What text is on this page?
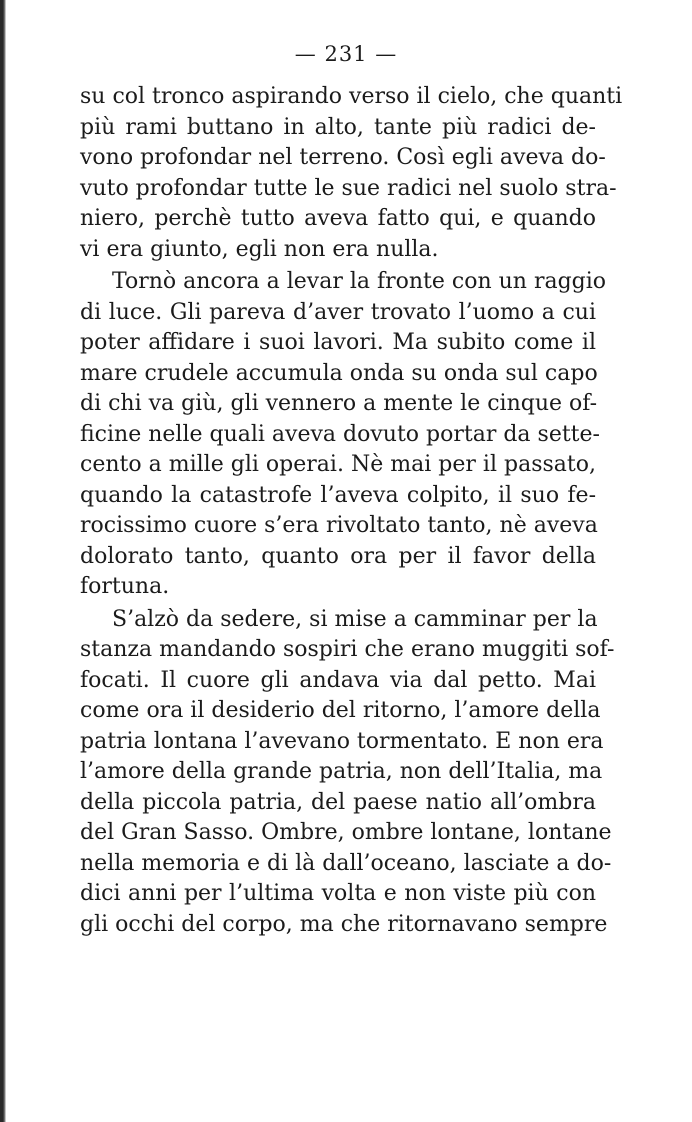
— 231 —
su col tronco aspirando verso il cielo, che quanti
più rami buttano in alto, tante più radici de-
vono profondar nel terreno. Così egli aveva do-
vuto profondar tutte le sue radici nel suolo stra-
niero, perchè tutto aveva fatto qui, e quando
vi era giunto, egli non era nulla.
Tornò ancora a levar la fronte con un raggio
di luce. Gli pareva d’aver trovato l’uomo a cui
poter affidare i suoi lavori. Ma subito come il
mare crudele accumula onda su onda sul capo
di chi va giù, gli vennero a mente le cinque of-
ficine nelle quali aveva dovuto portar da sette-
cento a mille gli operai. Nè mai per il passato,
quando la catastrofe l’aveva colpito, il suo fe-
rocissimo cuore s’era rivoltato tanto, nè aveva
dolorato tanto, quanto ora per il favor della
fortuna.
S’alzò da sedere, si mise a camminar per la
stanza mandando sospiri che erano muggiti sof-
focati. Il cuore gli andava via dal petto. Mai
come ora il desiderio del ritorno, l’amore della
patria lontana l’avevano tormentato. E non era
l’amore della grande patria, non dell’Italia, ma
della piccola patria, del paese natio all’ombra
del Gran Sasso. Ombre, ombre lontane, lontane
nella memoria e di là dall’oceano, lasciate a do-
dici anni per l’ultima volta e non viste più con
gli occhi del corpo, ma che ritornavano sempre
